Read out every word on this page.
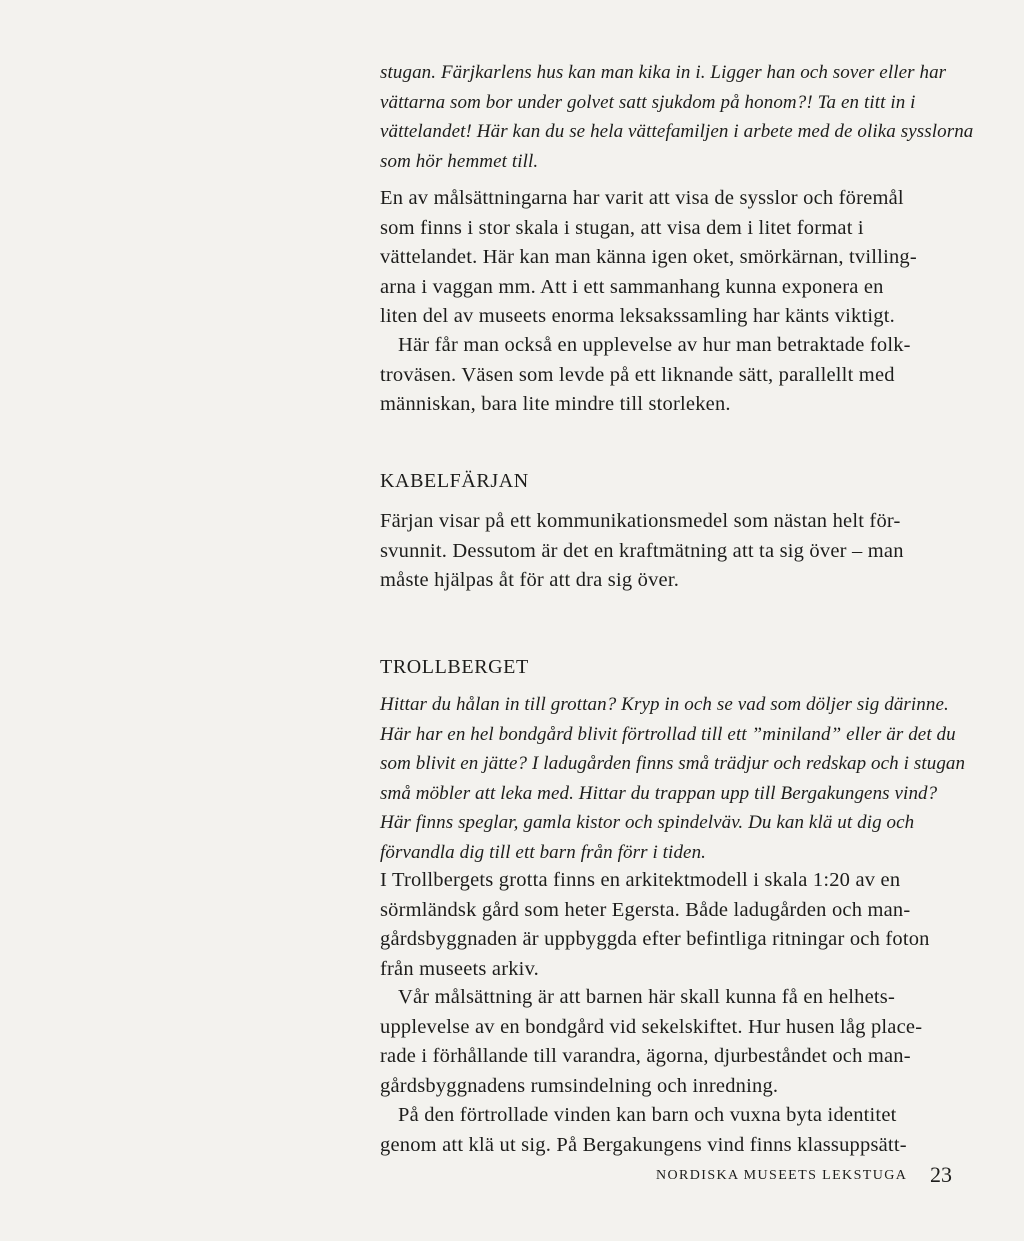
stugan. Färjkarlens hus kan man kika in i. Ligger han och sover eller har
vättarna som bor under golvet satt sjukdom på honom?! Ta en titt in i
vättelandet! Här kan du se hela vättefamiljen i arbete med de olika sysslorna
som hör hemmet till.

En av målsättningarna har varit att visa de sysslor och föremål
som finns i stor skala i stugan, att visa dem i litet format i
vättelandet. Här kan man känna igen oket, smörkärnan, tvilling-
arna i vaggan mm. Att i ett sammanhang kunna exponera en
liten del av museets enorma leksakssamling har känts viktigt.

Här får man också en upplevelse av hur man betraktade folk-
troväsen. Väsen som levde på ett liknande sätt, parallellt med
människan, bara lite mindre till storleken.

KABELFÄRJAN

Färjan visar på ett kommunikationsmedel som nästan helt för-
svunnit. Dessutom är det en kraftmätning att ta sig över – man
måste hjälpas åt för att dra sig över.

TROLLBERGET

Hittar du hålan in till grottan? Kryp in och se vad som döljer sig därinne.
Här har en hel bondgård blivit förtrollad till ett ”miniland” eller är det du
som blivit en jätte? I ladugården finns små trädjur och redskap och i stugan
små möbler att leka med. Hittar du trappan upp till Bergakungens vind?
Här finns speglar, gamla kistor och spindelväv. Du kan klä ut dig och
förvandla dig till ett barn från förr i tiden.

I Trollbergets grotta finns en arkitektmodell i skala 1:20 av en
sörmländsk gård som heter Egersta. Både ladugården och man-
gårdsbyggnaden är uppbyggda efter befintliga ritningar och foton
från museets arkiv.

Vår målsättning är att barnen här skall kunna få en helhets-
upplevelse av en bondgård vid sekelskiftet. Hur husen låg place-
rade i förhållande till varandra, ägorna, djurbeståndet och man-
gårdsbyggnadens rumsindelning och inredning.

På den förtrollade vinden kan barn och vuxna byta identitet
genom att klä ut sig. På Bergakungens vind finns klassuppsätt-

NORDISKA MUSEETS LEKSTUGA 23
